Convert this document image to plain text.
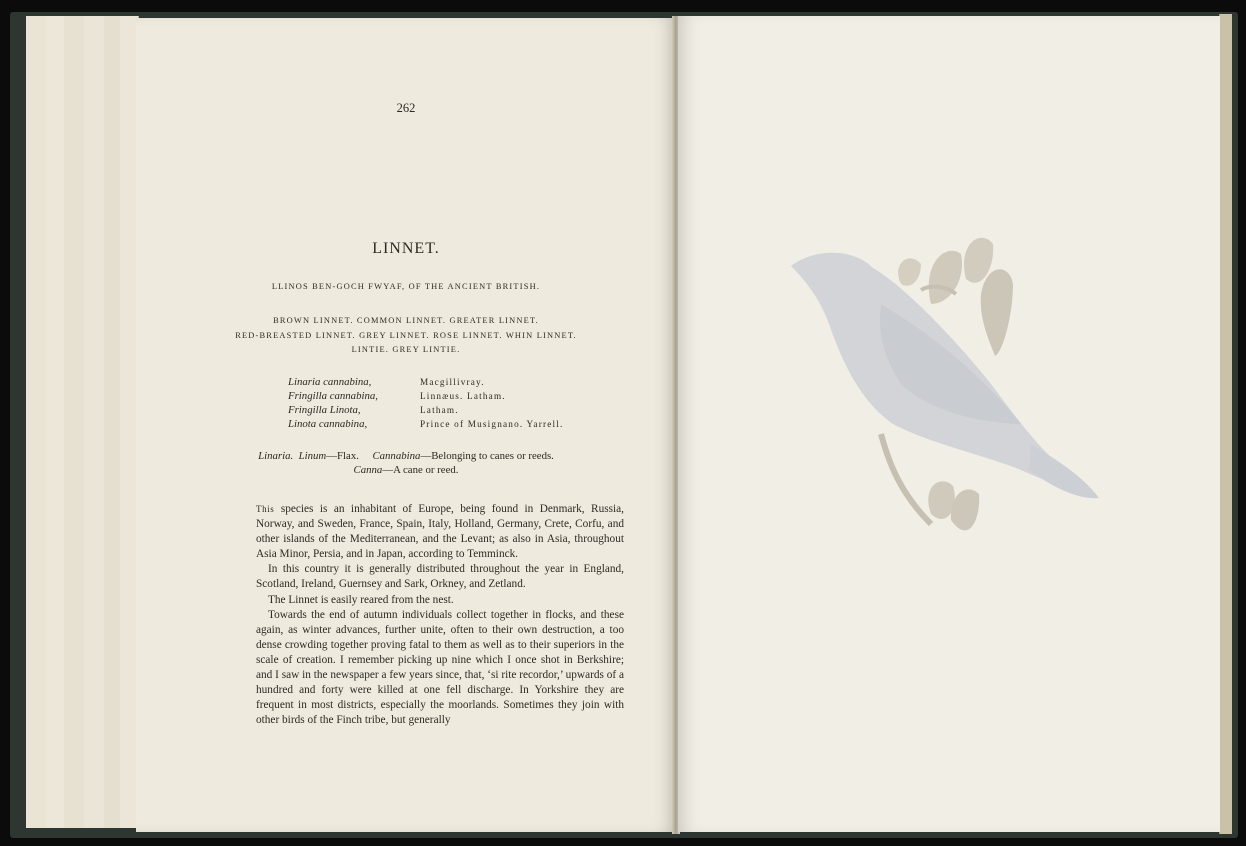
262
LINNET.
LLINOS BEN-GOCH FWYAF, OF THE ANCIENT BRITISH.
BROWN LINNET. COMMON LINNET. GREATER LINNET.
RED-BREASTED LINNET. GREY LINNET. ROSE LINNET. WHIN LINNET.
LINTIE. GREY LINTIE.
Linaria cannabina,
Fringilla cannabina,
Fringilla Linota,
Linota cannabina,
Macgillivray.
Linnæus. Latham.
Latham.
Prince of Musignano. Yarrell.
Linaria. Linum—Flax. Cannabina—Belonging to canes or reeds.
Canna—A cane or reed.

This species is an inhabitant of Europe, being found in Denmark, Russia, Norway, and Sweden, France, Spain, Italy, Holland, Germany, Crete, Corfu, and other islands of the Mediterranean, and the Levant; as also in Asia, throughout Asia Minor, Persia, and in Japan, according to Temminck.

In this country it is generally distributed throughout the year in England, Scotland, Ireland, Guernsey and Sark, Orkney, and Zetland.

The Linnet is easily reared from the nest.

Towards the end of autumn individuals collect together in flocks, and these again, as winter advances, further unite, often to their own destruction, a too dense crowding together proving fatal to them as well as to their superiors in the scale of creation. I remember picking up nine which I once shot in Berkshire; and I saw in the newspaper a few years since, that, ‘si rite recordor,’ upwards of a hundred and forty were killed at one fell discharge. In Yorkshire they are frequent in most districts, especially the moorlands. Sometimes they join with other birds of the Finch tribe, but generally
